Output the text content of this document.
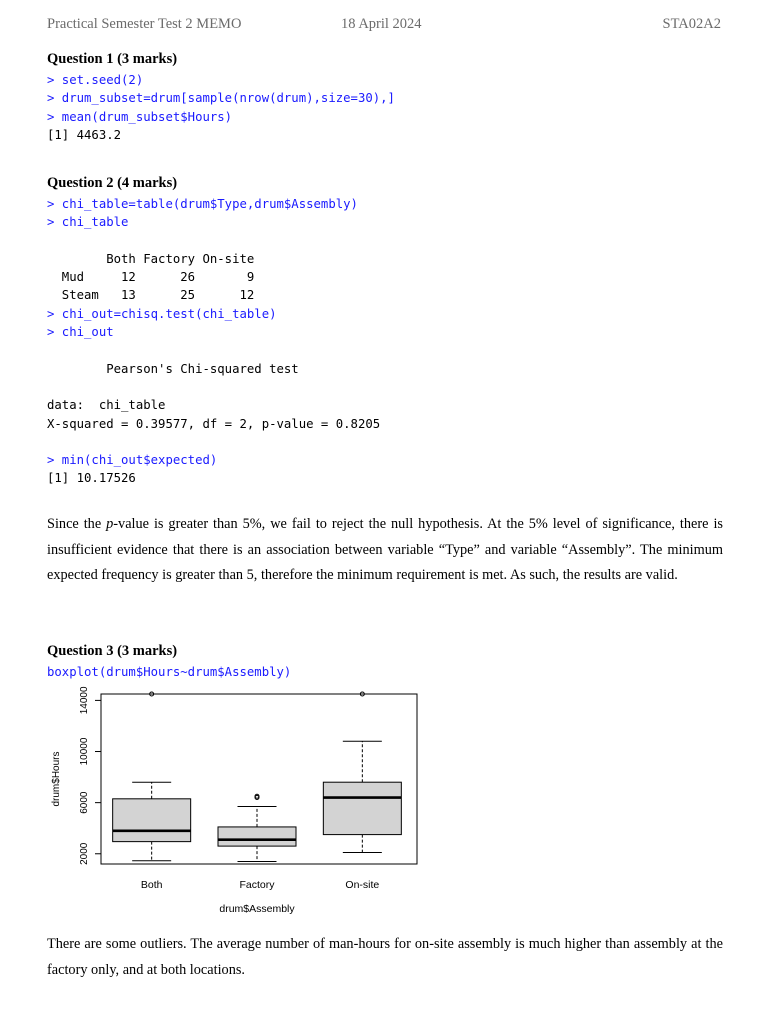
Practical Semester Test 2 MEMO	18 April 2024	STA02A2
Question 1 (3 marks)
> set.seed(2)
> drum_subset=drum[sample(nrow(drum),size=30),]
> mean(drum_subset$Hours)
[1] 4463.2
Question 2 (4 marks)
> chi_table=table(drum$Type,drum$Assembly)
> chi_table

Both Factory On-site
Mud     12      26       9
Steam   13      25      12
> chi_out=chisq.test(chi_table)
> chi_out

Pearson's Chi-squared test

data:  chi_table
X-squared = 0.39577, df = 2, p-value = 0.8205

> min(chi_out$expected)
[1] 10.17526
Since the p-value is greater than 5%, we fail to reject the null hypothesis. At the 5% level of significance, there is insufficient evidence that there is an association between variable “Type” and variable “Assembly”. The minimum expected frequency is greater than 5, therefore the minimum requirement is met. As such, the results are valid.
Question 3 (3 marks)
boxplot(drum$Hours~drum$Assembly)
2000
6000
10000
14000
drum$Hours
Both	Factory	On-site
drum$Assembly
There are some outliers. The average number of man-hours for on-site assembly is much higher than assembly at the factory only, and at both locations.
